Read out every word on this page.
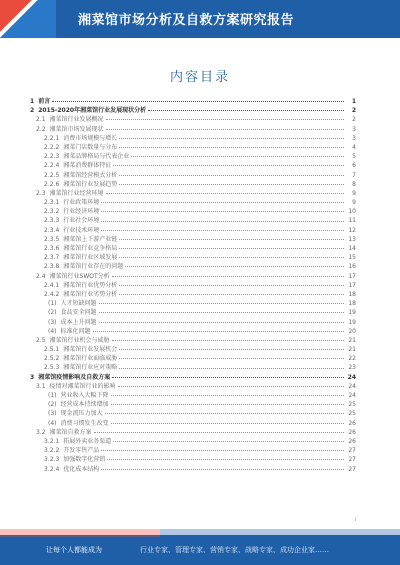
湘菜馆市场分析及自救方案研究报告
内容目录
1 前言	1
2 2015-2020年湘菜馆行业发展现状分析	2
2.1 湘菜馆行业发展概况	2
2.2 湘菜馆市场发展现状	3
2.2.1 消费市场规模与增长	3
2.2.2 湘菜门店数量与分布	4
2.2.3 湘菜品牌格局与代表企业	5
2.2.4 湘菜消费群体特征	6
2.2.5 湘菜馆经营模式分析	7
2.2.6 湘菜馆行业发展趋势	8
2.3 湘菜馆行业经营环境	9
2.3.1 行业政策环境	9
2.3.2 行业经济环境	10
2.3.3 行业社会环境	11
2.3.4 行业技术环境	12
2.3.5 湘菜馆上下游产业链	13
2.3.6 湘菜馆行业竞争格局	14
2.3.7 湘菜馆行业区域发展	15
2.3.8 湘菜馆行业存在的问题	16
2.4 湘菜馆行业SWOT分析	17
2.4.1 湘菜馆行业优势分析	17
2.4.2 湘菜馆行业劣势分析	18
(1) 人才短缺问题	18
(2) 食品安全问题	19
(3) 成本上升问题	19
(4) 标准化问题	20
2.5 湘菜馆行业机会与威胁	21
2.5.1 湘菜馆行业发展机会	21
2.5.2 湘菜馆行业面临威胁	22
2.5.3 湘菜馆行业应对策略	23
3 湘菜馆疫情影响及自救方案	24
3.1 疫情对湘菜馆行业的影响	24
(1) 营业收入大幅下降	24
(2) 经营成本持续增加	25
(3) 现金流压力加大	25
(4) 消费习惯发生改变	26
3.2 湘菜馆自救方案	26
3.2.1 拓展外卖业务渠道	26
3.2.2 开发零售产品	27
3.2.3 加强数字化营销	27
3.2.4 优化成本结构	27
I
让每个人都能成为	行业专家、管理专家、营销专家、战略专家、成功企业家……
